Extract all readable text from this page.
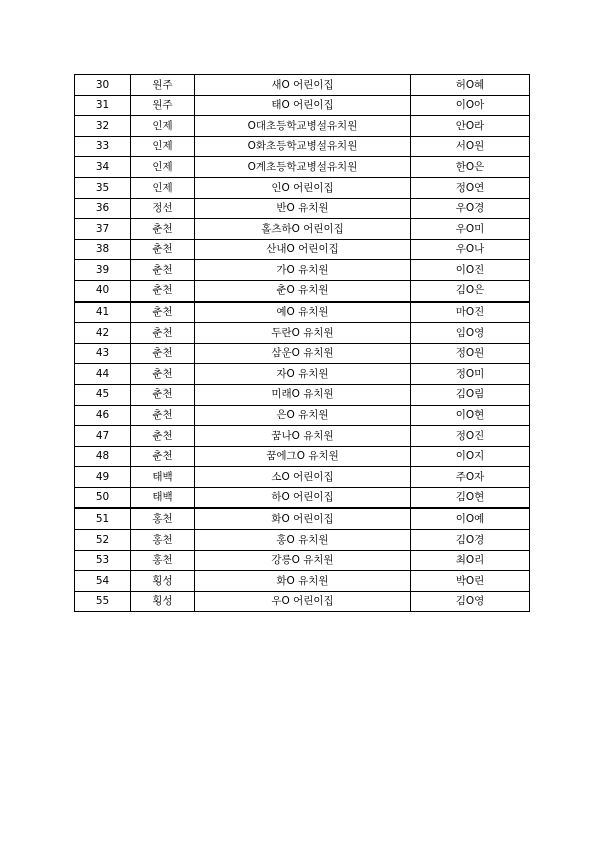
30	원주	새O 어린이집	허O혜
31	원주	태O 어린이집	이O아
32	인제	O대초등학교병설유치원	안O라
33	인제	O화초등학교병설유치원	서O원
34	인제	O계초등학교병설유치원	한O은
35	인제	인O 어린이집	정O연
36	정선	반O 유치원	우O경
37	춘천	홀츠하O 어린이집	우O미
38	춘천	산내O 어린이집	우O나
39	춘천	가O 유치원	이O진
40	춘천	춘O 유치원	김O은
41	춘천	예O 유치원	마O진
42	춘천	두란O 유치원	임O영
43	춘천	삼운O 유치원	정O원
44	춘천	자O 유치원	정O미
45	춘천	미래O 유치원	김O림
46	춘천	은O 유치원	이O현
47	춘천	꿈나O 유치원	정O진
48	춘천	꿈에그O 유치원	이O지
49	태백	소O 어린이집	주O자
50	태백	하O 어린이집	김O현
51	홍천	화O 어린이집	이O예
52	홍천	홍O 유치원	김O경
53	홍천	강릉O 유치원	최O리
54	횡성	화O 유치원	박O린
55	횡성	우O 어린이집	김O영
